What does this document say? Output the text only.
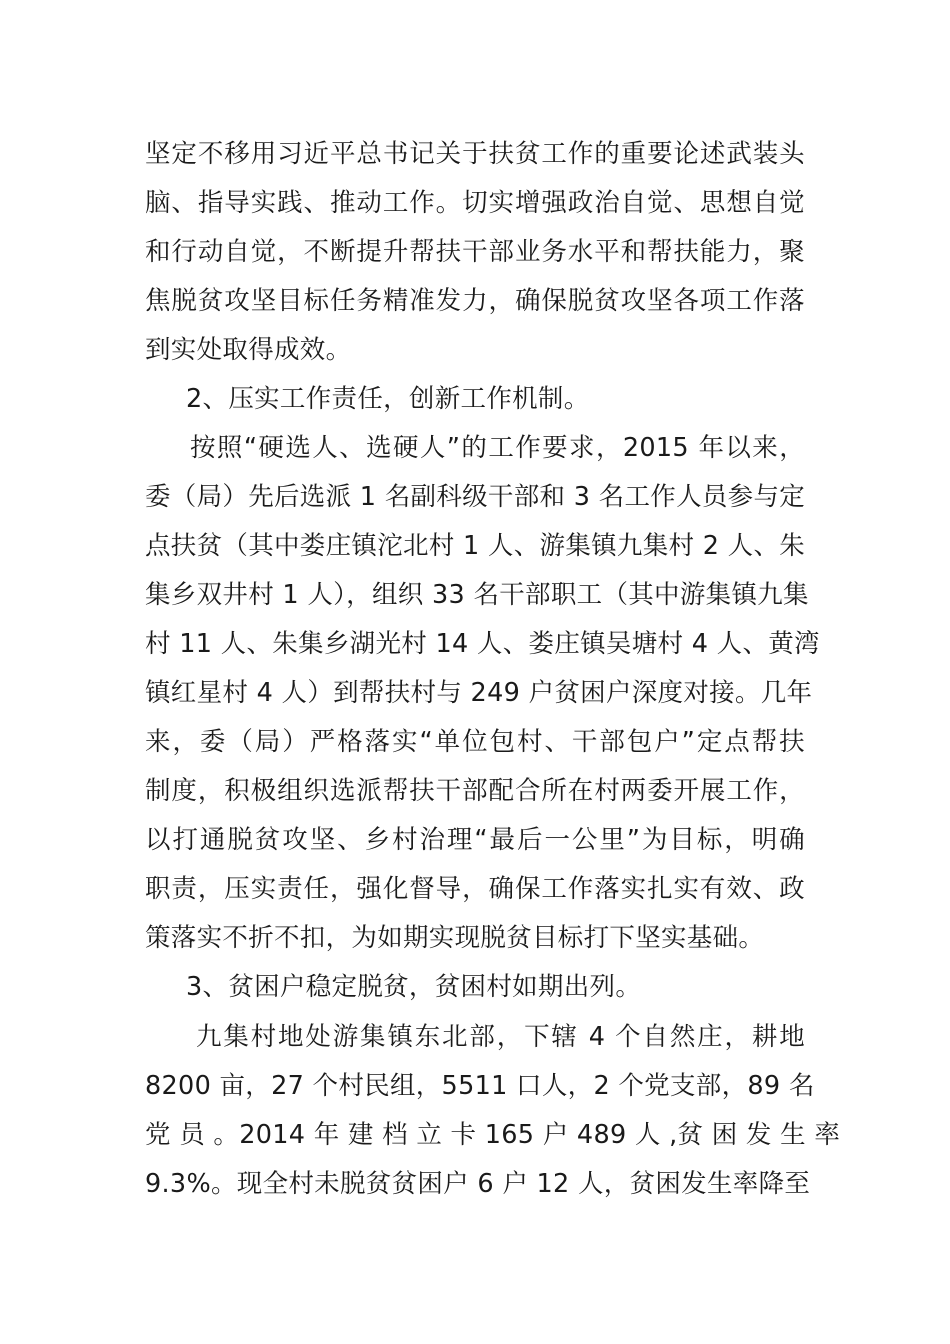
坚定不移用习近平总书记关于扶贫工作的重要论述武装头
脑、指导实践、推动工作。切实增强政治自觉、思想自觉
和行动自觉，不断提升帮扶干部业务水平和帮扶能力，聚
焦脱贫攻坚目标任务精准发力，确保脱贫攻坚各项工作落
到实处取得成效。
2、压实工作责任，创新工作机制。
按照“硬选人、选硬人”的工作要求，2015 年以来，
委（局）先后选派 1 名副科级干部和 3 名工作人员参与定
点扶贫（其中娄庄镇沱北村 1 人、游集镇九集村 2 人、朱
集乡双井村 1 人），组织 33 名干部职工（其中游集镇九集
村 11 人、朱集乡湖光村 14 人、娄庄镇吴塘村 4 人、黄湾
镇红星村 4 人）到帮扶村与 249 户贫困户深度对接。几年
来，委（局）严格落实“单位包村、干部包户”定点帮扶
制度，积极组织选派帮扶干部配合所在村两委开展工作，
以打通脱贫攻坚、乡村治理“最后一公里”为目标，明确
职责，压实责任，强化督导，确保工作落实扎实有效、政
策落实不折不扣，为如期实现脱贫目标打下坚实基础。
3、贫困户稳定脱贫，贫困村如期出列。
九集村地处游集镇东北部，下辖 4 个自然庄，耕地
8200 亩，27 个村民组，5511 口人，2 个党支部，89 名
党 员 。2014 年 建 档 立 卡 165 户 489 人 ,贫 困 发 生 率
9.3%。现全村未脱贫贫困户 6 户 12 人，贫困发生率降至
